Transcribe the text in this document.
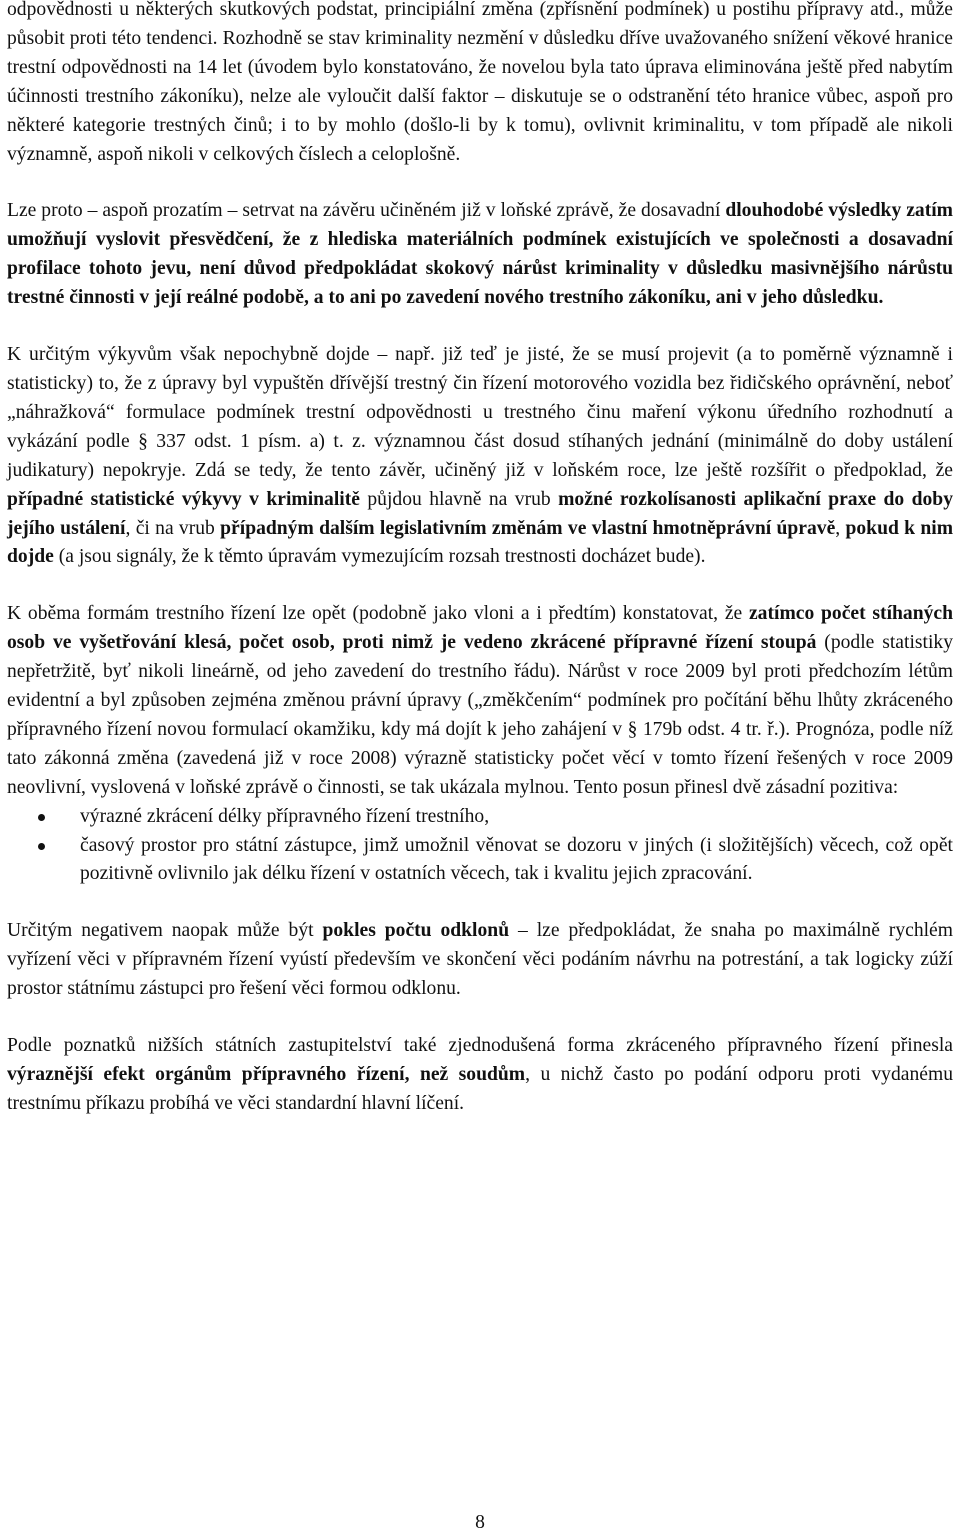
odpovědnosti u některých skutkových podstat, principiální změna (zpřísnění podmínek) u postihu přípravy atd., může působit proti této tendenci. Rozhodně se stav kriminality nezmění v důsledku dříve uvažovaného snížení věkové hranice trestní odpovědnosti na 14 let (úvodem bylo konstatováno, že novelou byla tato úprava eliminována ještě před nabytím účinnosti trestního zákoníku), nelze ale vyloučit další faktor – diskutuje se o odstranění této hranice vůbec, aspoň pro některé kategorie trestných činů; i to by mohlo (došlo-li by k tomu), ovlivnit kriminalitu, v tom případě ale nikoli významně, aspoň nikoli v celkových číslech a celoplošně.

Lze proto – aspoň prozatím – setrvat na závěru učiněném již v loňské zprávě, že dosavadní dlouhodobé výsledky zatím umožňují vyslovit přesvědčení, že z hlediska materiálních podmínek existujících ve společnosti a dosavadní profilace tohoto jevu, není důvod předpokládat skokový nárůst kriminality v důsledku masivnějšího nárůstu trestné činnosti v její reálné podobě, a to ani po zavedení nového trestního zákoníku, ani v jeho důsledku.

K určitým výkyvům však nepochybně dojde – např. již teď je jisté, že se musí projevit (a to poměrně významně i statisticky) to, že z úpravy byl vypuštěn dřívější trestný čin řízení motorového vozidla bez řidičského oprávnění, neboť „náhražková“ formulace podmínek trestní odpovědnosti u trestného činu maření výkonu úředního rozhodnutí a vykázání podle § 337 odst. 1 písm. a) t. z. významnou část dosud stíhaných jednání (minimálně do doby ustálení judikatury) nepokryje. Zdá se tedy, že tento závěr, učiněný již v loňském roce, lze ještě rozšířit o předpoklad, že případné statistické výkyvy v kriminalitě půjdou hlavně na vrub možné rozkolísanosti aplikační praxe do doby jejího ustálení, či na vrub případným dalším legislativním změnám ve vlastní hmotněprávní úpravě, pokud k nim dojde (a jsou signály, že k těmto úpravám vymezujícím rozsah trestnosti docházet bude).

K oběma formám trestního řízení lze opět (podobně jako vloni a i předtím) konstatovat, že zatímco počet stíhaných osob ve vyšetřování klesá, počet osob, proti nimž je vedeno zkrácené přípravné řízení stoupá (podle statistiky nepřetržitě, byť nikoli lineárně, od jeho zavedení do trestního řádu). Nárůst v roce 2009 byl proti předchozím létům evidentní a byl způsoben zejména změnou právní úpravy („změkčením“ podmínek pro počítání běhu lhůty zkráceného přípravného řízení novou formulací okamžiku, kdy má dojít k jeho zahájení v § 179b odst. 4 tr. ř.). Prognóza, podle níž tato zákonná změna (zavedená již v roce 2008) výrazně statisticky počet věcí v tomto řízení řešených v roce 2009 neovlivní, vyslovená v loňské zprávě o činnosti, se tak ukázala mylnou. Tento posun přinesl dvě zásadní pozitiva:

výrazné zkrácení délky přípravného řízení trestního,
časový prostor pro státní zástupce, jimž umožnil věnovat se dozoru v jiných (i složitějších) věcech, což opět pozitivně ovlivnilo jak délku řízení v ostatních věcech, tak i kvalitu jejich zpracování.

Určitým negativem naopak může být pokles počtu odklonů – lze předpokládat, že snaha po maximálně rychlém vyřízení věci v přípravném řízení vyústí především ve skončení věci podáním návrhu na potrestání, a tak logicky zúží prostor státnímu zástupci pro řešení věci formou odklonu.

Podle poznatků nižších státních zastupitelství také zjednodušená forma zkráceného přípravného řízení přinesla výraznější efekt orgánům přípravného řízení, než soudům, u nichž často po podání odporu proti vydanému trestnímu příkazu probíhá ve věci standardní hlavní líčení.

8
